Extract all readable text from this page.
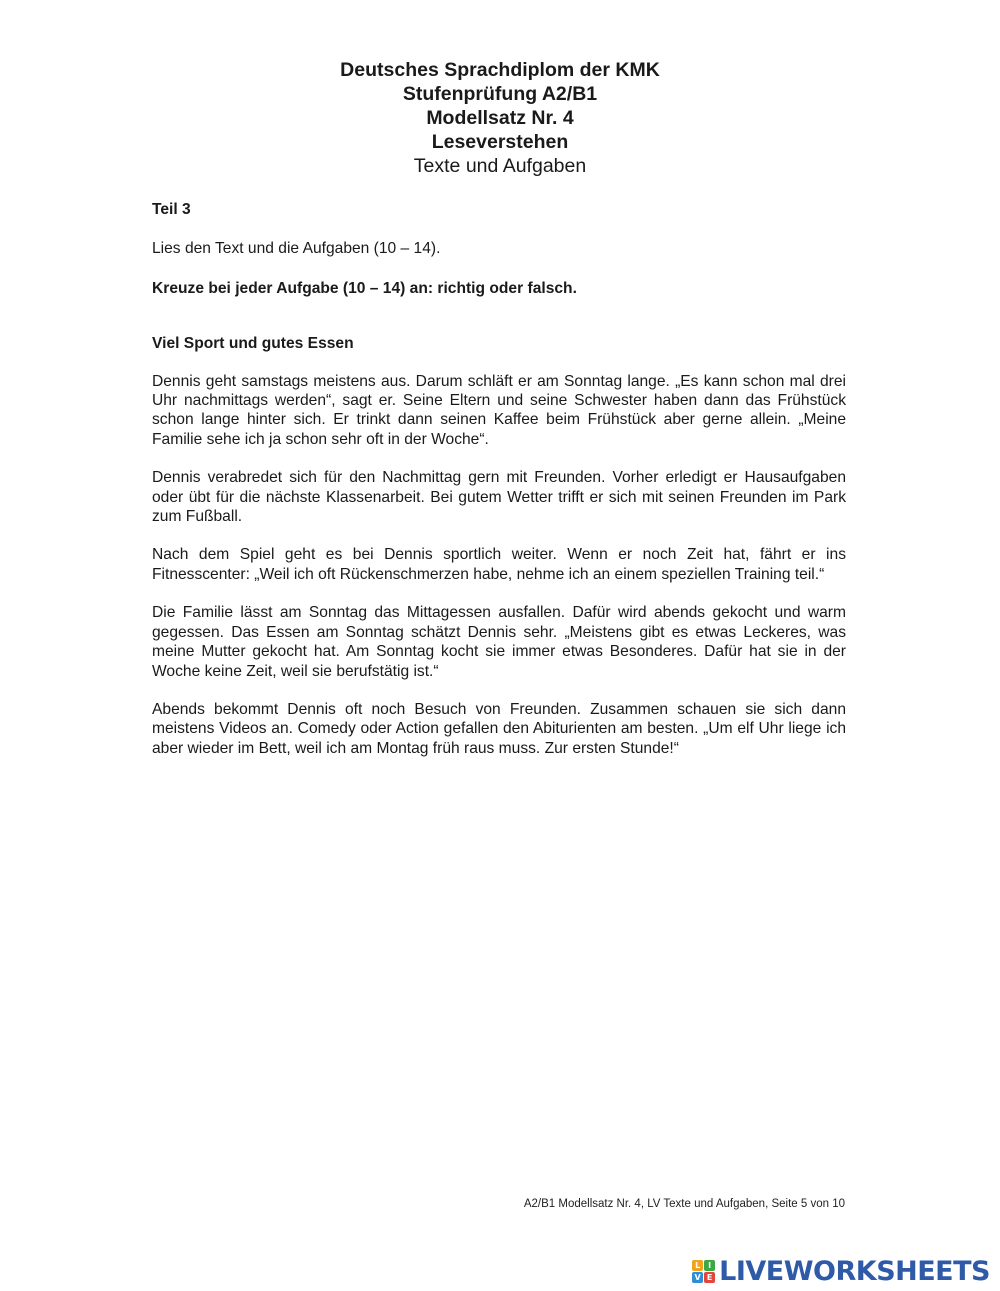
Deutsches Sprachdiplom der KMK

Stufenprüfung A2/B1

Modellsatz Nr. 4

Leseverstehen

Texte und Aufgaben

Teil 3

Lies den Text und die Aufgaben (10 – 14).

Kreuze bei jeder Aufgabe (10 – 14) an: richtig oder falsch.

Viel Sport und gutes Essen

Dennis geht samstags meistens aus. Darum schläft er am Sonntag lange. „Es kann schon mal drei Uhr nachmittags werden“, sagt er. Seine Eltern und seine Schwester haben dann das Frühstück schon lange hinter sich. Er trinkt dann seinen Kaffee beim Frühstück aber gerne allein. „Meine Familie sehe ich ja schon sehr oft in der Woche“.

Dennis verabredet sich für den Nachmittag gern mit Freunden. Vorher erledigt er Hausaufgaben oder übt für die nächste Klassenarbeit. Bei gutem Wetter trifft er sich mit seinen Freunden im Park zum Fußball.

Nach dem Spiel geht es bei Dennis sportlich weiter. Wenn er noch Zeit hat, fährt er ins Fitnesscenter: „Weil ich oft Rückenschmerzen habe, nehme ich an einem speziellen Training teil.“

Die Familie lässt am Sonntag das Mittagessen ausfallen. Dafür wird abends gekocht und warm gegessen. Das Essen am Sonntag schätzt Dennis sehr. „Meistens gibt es etwas Leckeres, was meine Mutter gekocht hat. Am Sonntag kocht sie immer etwas Besonderes. Dafür hat sie in der Woche keine Zeit, weil sie berufstätig ist.“

Abends bekommt Dennis oft noch Besuch von Freunden. Zusammen schauen sie sich dann meistens Videos an. Comedy oder Action gefallen den Abiturienten am besten. „Um elf Uhr liege ich aber wieder im Bett, weil ich am Montag früh raus muss. Zur ersten Stunde!“

A2/B1 Modellsatz Nr. 4, LV Texte und Aufgaben, Seite 5 von 10
L I
V E LIVEWORKSHEETS
